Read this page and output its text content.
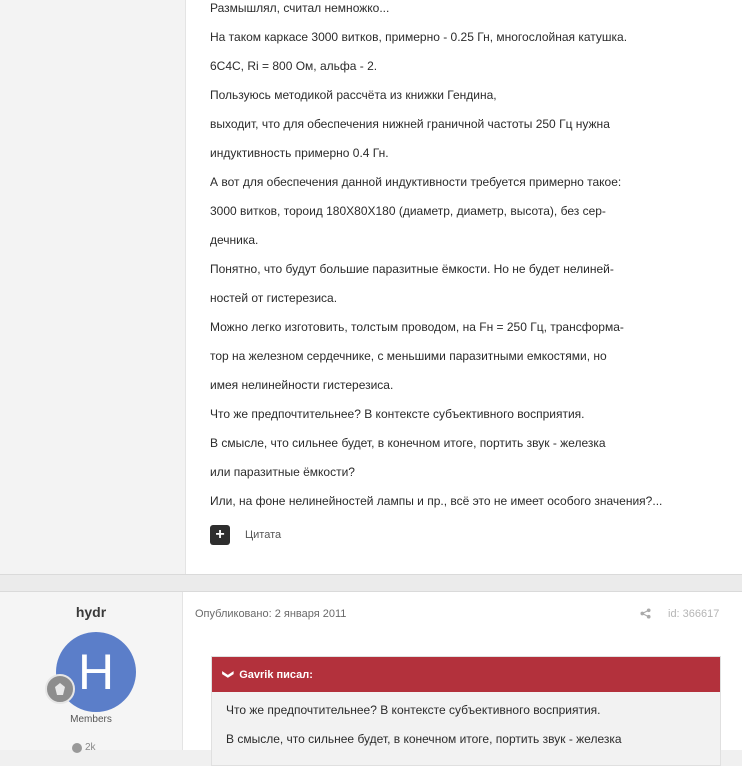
Размышлял, считал немножко...
На таком каркасе 3000 витков, примерно - 0.25 Гн, многослойная катушка.
6С4С, Ri = 800 Ом, альфа - 2.
Пользуюсь методикой рассчёта из книжки Гендина,
выходит, что для обеспечения нижней граничной частоты 250 Гц нужна
индуктивность примерно 0.4 Гн.
А вот для обеспечения данной индуктивности требуется примерно такое:
3000 витков, тороид 180Х80Х180 (диаметр, диаметр, высота), без сер-
дечника.
Понятно, что будут большие паразитные ёмкости. Но не будет нелиней-
ностей от гистерезиса.
Можно легко изготовить, толстым проводом, на Fн = 250 Гц, трансформа-
тор на железном сердечнике, с меньшими паразитными емкостями, но
имея нелинейности гистерезиса.
Что же предпочтительнее? В контексте субъективного восприятия.
В смысле, что сильнее будет, в конечном итоге, портить звук - железка
или паразитные ёмкости?
Или, на фоне нелинейностей лампы и пр., всё это не имеет особого значения?...
+	Цитата
hydr
H
Members
2k
Опубликовано: 2 января 2011	id: 366617
❯ Gavrik писал:
Что же предпочтительнее? В контексте субъективного восприятия.
В смысле, что сильнее будет, в конечном итоге, портить звук - железка
